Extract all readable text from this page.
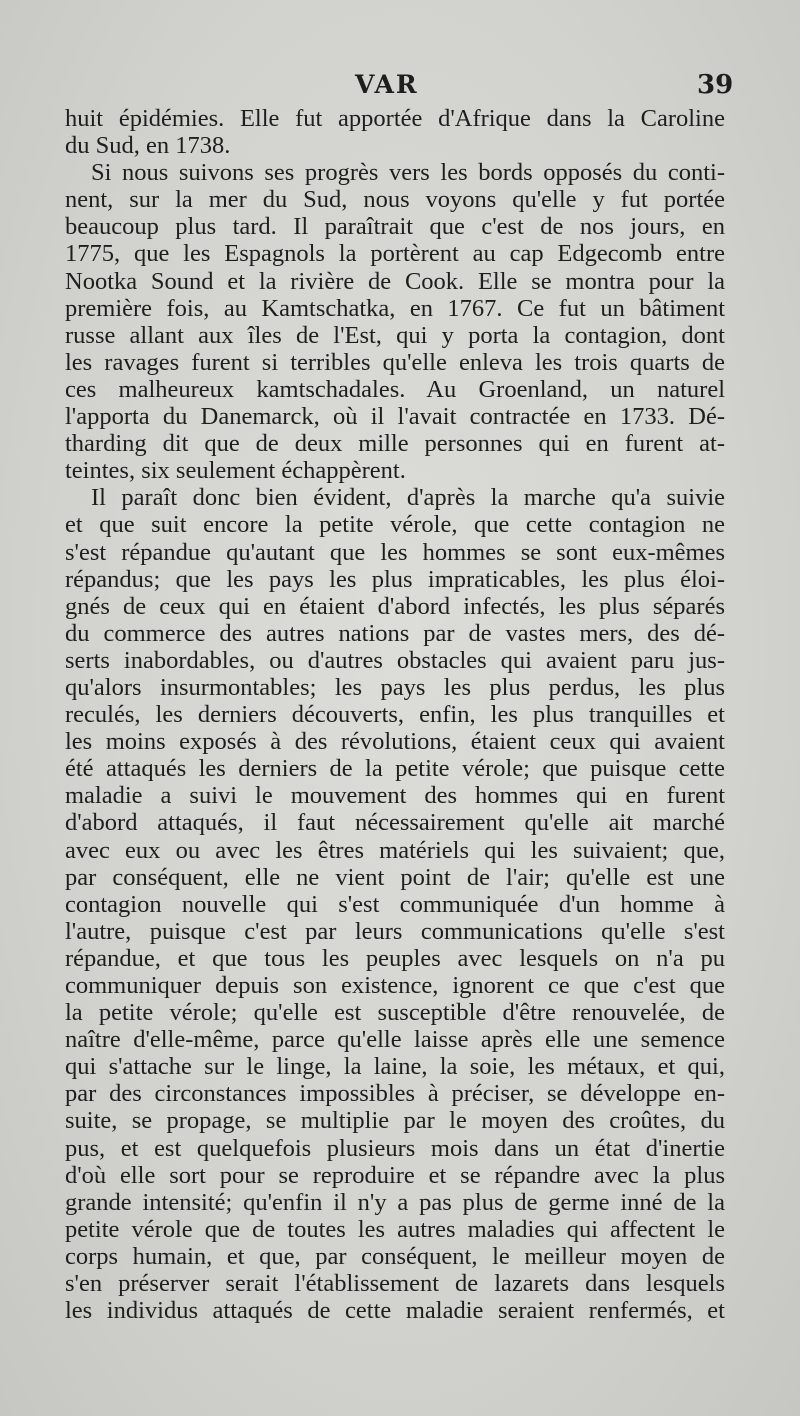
VAR	39
huit épidémies. Elle fut apportée d'Afrique dans la Caroline
du Sud, en 1738.
Si nous suivons ses progrès vers les bords opposés du conti-
nent, sur la mer du Sud, nous voyons qu'elle y fut portée
beaucoup plus tard. Il paraîtrait que c'est de nos jours, en
1775, que les Espagnols la portèrent au cap Edgecomb entre
Nootka Sound et la rivière de Cook. Elle se montra pour la
première fois, au Kamtschatka, en 1767. Ce fut un bâtiment
russe allant aux îles de l'Est, qui y porta la contagion, dont
les ravages furent si terribles qu'elle enleva les trois quarts de
ces malheureux kamtschadales. Au Groenland, un naturel
l'apporta du Danemarck, où il l'avait contractée en 1733. Dé-
tharding dit que de deux mille personnes qui en furent at-
teintes, six seulement échappèrent.
Il paraît donc bien évident, d'après la marche qu'a suivie
et que suit encore la petite vérole, que cette contagion ne
s'est répandue qu'autant que les hommes se sont eux-mêmes
répandus; que les pays les plus impraticables, les plus éloi-
gnés de ceux qui en étaient d'abord infectés, les plus séparés
du commerce des autres nations par de vastes mers, des dé-
serts inabordables, ou d'autres obstacles qui avaient paru jus-
qu'alors insurmontables; les pays les plus perdus, les plus
reculés, les derniers découverts, enfin, les plus tranquilles et
les moins exposés à des révolutions, étaient ceux qui avaient
été attaqués les derniers de la petite vérole; que puisque cette
maladie a suivi le mouvement des hommes qui en furent
d'abord attaqués, il faut nécessairement qu'elle ait marché
avec eux ou avec les êtres matériels qui les suivaient; que,
par conséquent, elle ne vient point de l'air; qu'elle est une
contagion nouvelle qui s'est communiquée d'un homme à
l'autre, puisque c'est par leurs communications qu'elle s'est
répandue, et que tous les peuples avec lesquels on n'a pu
communiquer depuis son existence, ignorent ce que c'est que
la petite vérole; qu'elle est susceptible d'être renouvelée, de
naître d'elle-même, parce qu'elle laisse après elle une semence
qui s'attache sur le linge, la laine, la soie, les métaux, et qui,
par des circonstances impossibles à préciser, se développe en-
suite, se propage, se multiplie par le moyen des croûtes, du
pus, et est quelquefois plusieurs mois dans un état d'inertie
d'où elle sort pour se reproduire et se répandre avec la plus
grande intensité; qu'enfin il n'y a pas plus de germe inné de la
petite vérole que de toutes les autres maladies qui affectent le
corps humain, et que, par conséquent, le meilleur moyen de
s'en préserver serait l'établissement de lazarets dans lesquels
les individus attaqués de cette maladie seraient renfermés, et
